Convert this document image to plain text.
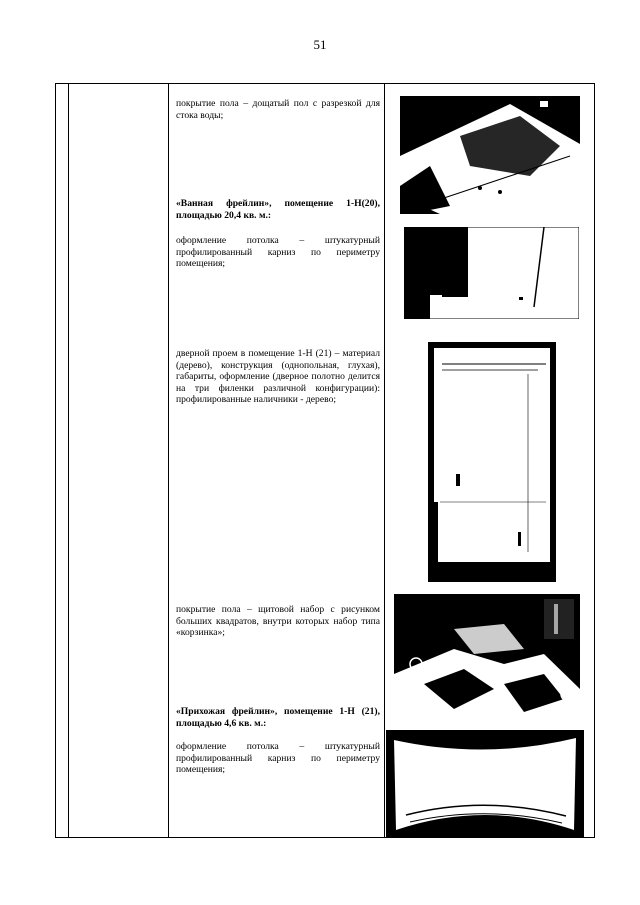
51
покрытие пола – дощатый пол с разрезкой для стока воды;
«Ванная фрейлин», помещение 1-Н(20), площадью 20,4 кв. м.:
оформление потолка – штукатурный профилированный карниз по периметру помещения;
дверной проем в помещение 1-Н (21) – материал (дерево), конструкция (однопольная, глухая), габариты, оформление (дверное полотно делится на три филенки различной конфигурации): профилированные наличники - дерево;
покрытие пола – щитовой набор с рисунком больших квадратов, внутри которых набор типа «корзинка»;
«Прихожая фрейлин», помещение 1-Н (21), площадью 4,6 кв. м.:
оформление потолка – штукатурный профилированный карниз по периметру помещения;
